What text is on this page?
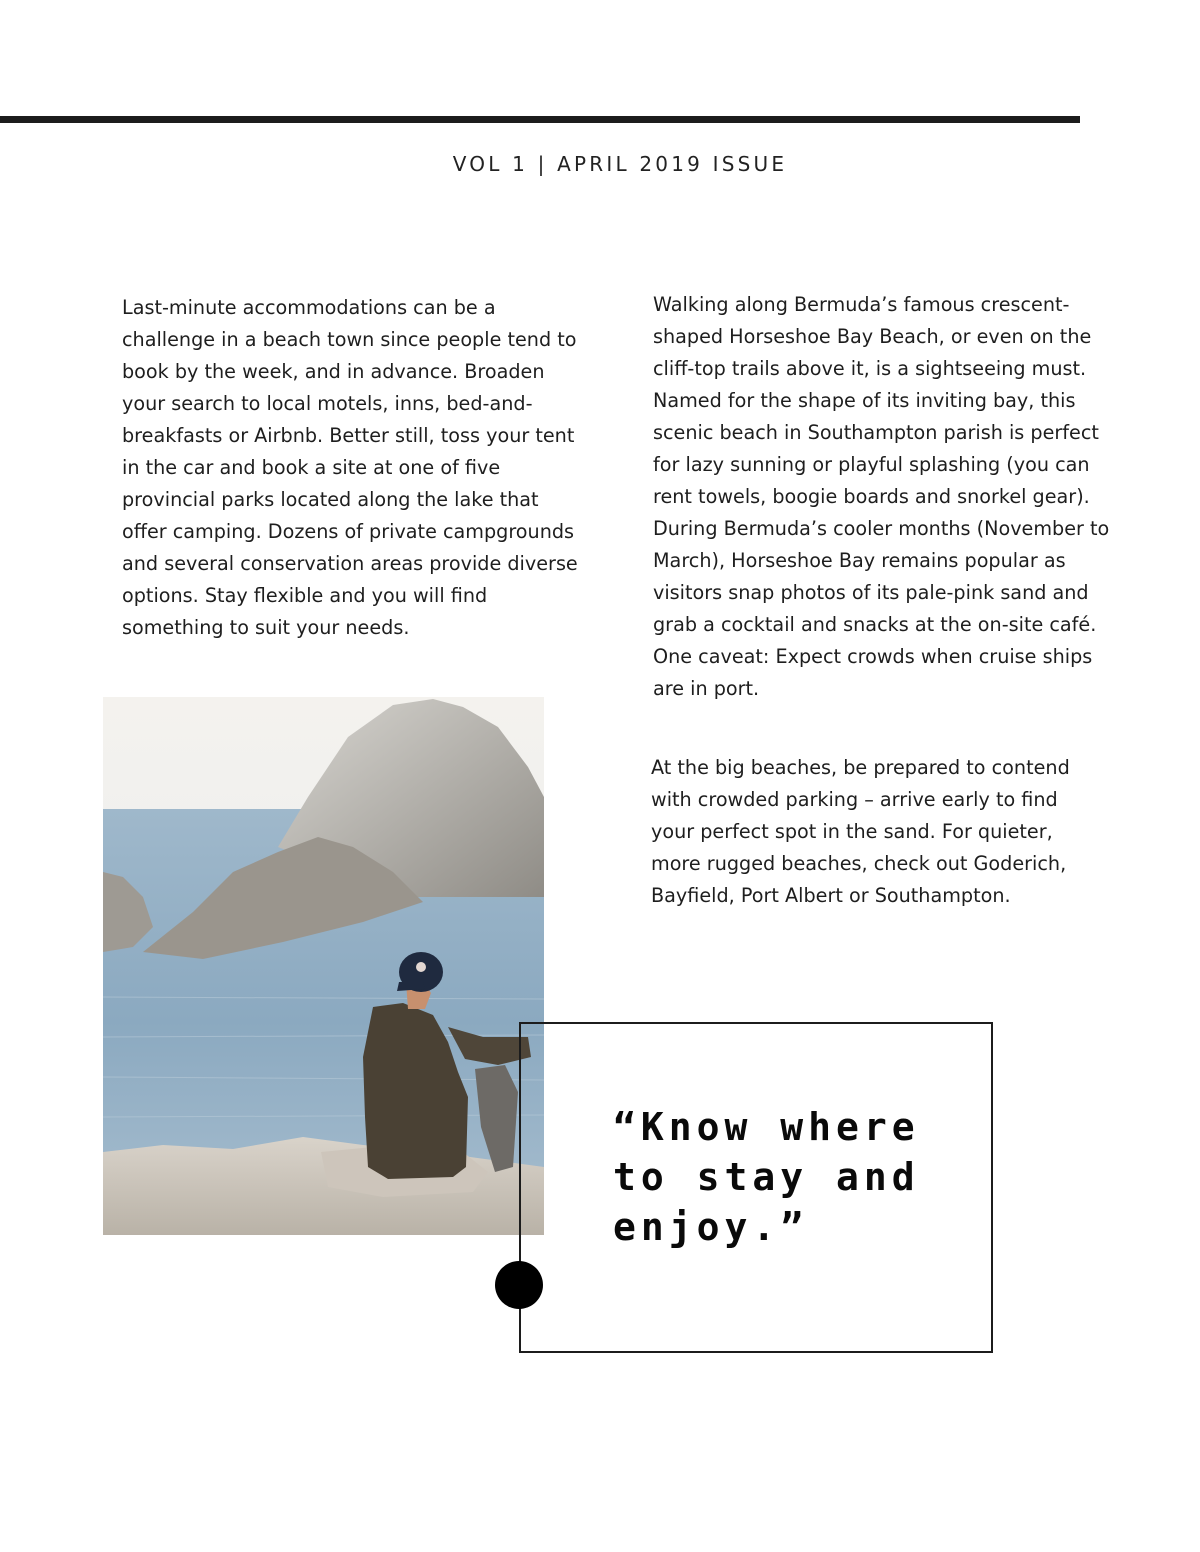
VOL 1 | APRIL 2019 ISSUE

Last-minute accommodations can be a challenge in a beach town since people tend to book by the week, and in advance. Broaden your search to local motels, inns, bed-and-breakfasts or Airbnb. Better still, toss your tent in the car and book a site at one of five provincial parks located along the lake that offer camping. Dozens of private campgrounds and several conservation areas provide diverse options. Stay flexible and you will find something to suit your needs.

Walking along Bermuda’s famous crescent-shaped Horseshoe Bay Beach, or even on the cliff-top trails above it, is a sightseeing must. Named for the shape of its inviting bay, this scenic beach in Southampton parish is perfect for lazy sunning or playful splashing (you can rent towels, boogie boards and snorkel gear). During Bermuda’s cooler months (November to March), Horseshoe Bay remains popular as visitors snap photos of its pale-pink sand and grab a cocktail and snacks at the on-site café. One caveat: Expect crowds when cruise ships are in port.

At the big beaches, be prepared to contend with crowded parking – arrive early to find your perfect spot in the sand. For quieter, more rugged beaches, check out Goderich, Bayfield, Port Albert or Southampton.

“Know where to stay and enjoy.”
